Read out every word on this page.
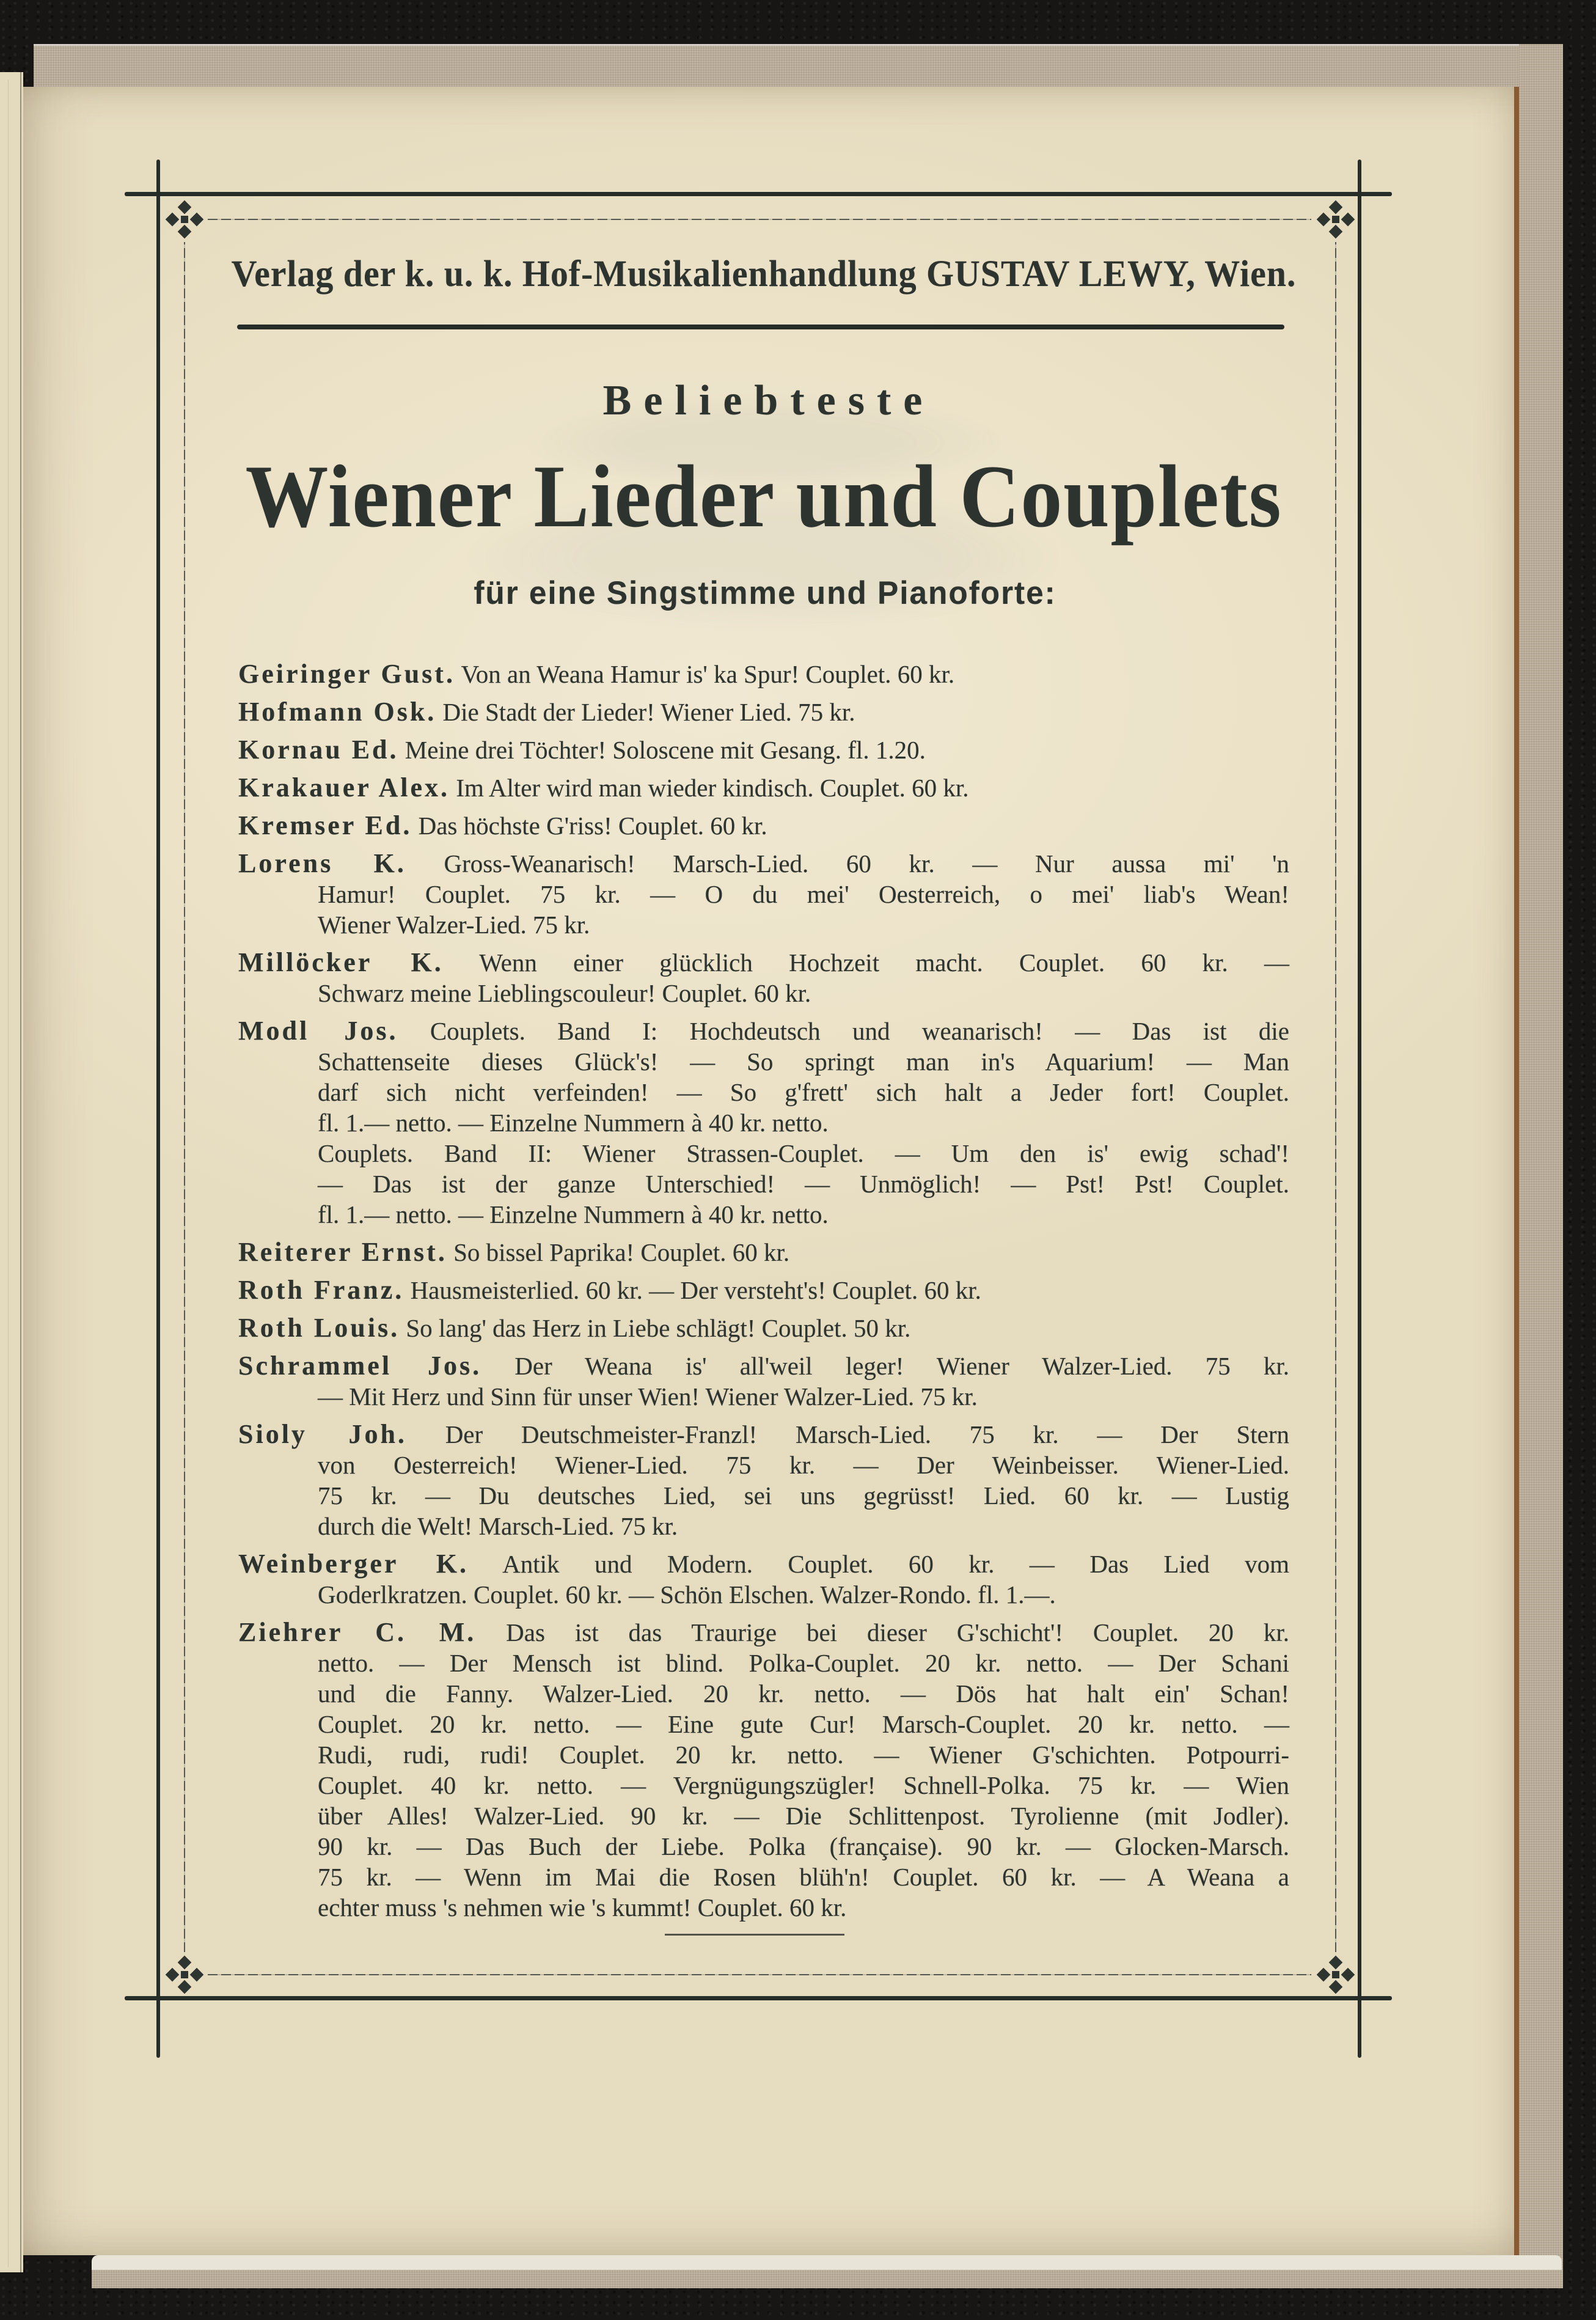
Verlag der k. u. k. Hof-Musikalienhandlung GUSTAV LEWY, Wien.
Beliebteste
Wiener Lieder und Couplets
für eine Singstimme und Pianoforte:
Geiringer Gust. Von an Weana Hamur is' ka Spur! Couplet. 60 kr.
Hofmann Osk. Die Stadt der Lieder! Wiener Lied. 75 kr.
Kornau Ed. Meine drei Töchter! Soloscene mit Gesang. fl. 1.20.
Krakauer Alex. Im Alter wird man wieder kindisch. Couplet. 60 kr.
Kremser Ed. Das höchste G'riss! Couplet. 60 kr.
Lorens K. Gross-Weanarisch! Marsch-Lied. 60 kr. — Nur aussa mi' 'n
Hamur! Couplet. 75 kr. — O du mei' Oesterreich, o mei' liab's Wean!
Wiener Walzer-Lied. 75 kr.
Millöcker K. Wenn einer glücklich Hochzeit macht. Couplet. 60 kr. —
Schwarz meine Lieblingscouleur! Couplet. 60 kr.
Modl Jos. Couplets. Band I: Hochdeutsch und weanarisch! — Das ist die
Schattenseite dieses Glück's! — So springt man in's Aquarium! — Man
darf sich nicht verfeinden! — So g'frett' sich halt a Jeder fort! Couplet.
fl. 1.— netto. — Einzelne Nummern à 40 kr. netto.
Couplets. Band II: Wiener Strassen-Couplet. — Um den is' ewig schad'!
— Das ist der ganze Unterschied! — Unmöglich! — Pst! Pst! Couplet.
fl. 1.— netto. — Einzelne Nummern à 40 kr. netto.
Reiterer Ernst. So bissel Paprika! Couplet. 60 kr.
Roth Franz. Hausmeisterlied. 60 kr. — Der versteht's! Couplet. 60 kr.
Roth Louis. So lang' das Herz in Liebe schlägt! Couplet. 50 kr.
Schrammel Jos. Der Weana is' all'weil leger! Wiener Walzer-Lied. 75 kr.
— Mit Herz und Sinn für unser Wien! Wiener Walzer-Lied. 75 kr.
Sioly Joh. Der Deutschmeister-Franzl! Marsch-Lied. 75 kr. — Der Stern
von Oesterreich! Wiener-Lied. 75 kr. — Der Weinbeisser. Wiener-Lied.
75 kr. — Du deutsches Lied, sei uns gegrüsst! Lied. 60 kr. — Lustig
durch die Welt! Marsch-Lied. 75 kr.
Weinberger K. Antik und Modern. Couplet. 60 kr. — Das Lied vom
Goderlkratzen. Couplet. 60 kr. — Schön Elschen. Walzer-Rondo. fl. 1.—.
Ziehrer C. M. Das ist das Traurige bei dieser G'schicht'! Couplet. 20 kr.
netto. — Der Mensch ist blind. Polka-Couplet. 20 kr. netto. — Der Schani
und die Fanny. Walzer-Lied. 20 kr. netto. — Dös hat halt ein' Schan!
Couplet. 20 kr. netto. — Eine gute Cur! Marsch-Couplet. 20 kr. netto. —
Rudi, rudi, rudi! Couplet. 20 kr. netto. — Wiener G'schichten. Potpourri-
Couplet. 40 kr. netto. — Vergnügungszügler! Schnell-Polka. 75 kr. — Wien
über Alles! Walzer-Lied. 90 kr. — Die Schlittenpost. Tyrolienne (mit Jodler).
90 kr. — Das Buch der Liebe. Polka (française). 90 kr. — Glocken-Marsch.
75 kr. — Wenn im Mai die Rosen blüh'n! Couplet. 60 kr. — A Weana a
echter muss 's nehmen wie 's kummt! Couplet. 60 kr.
